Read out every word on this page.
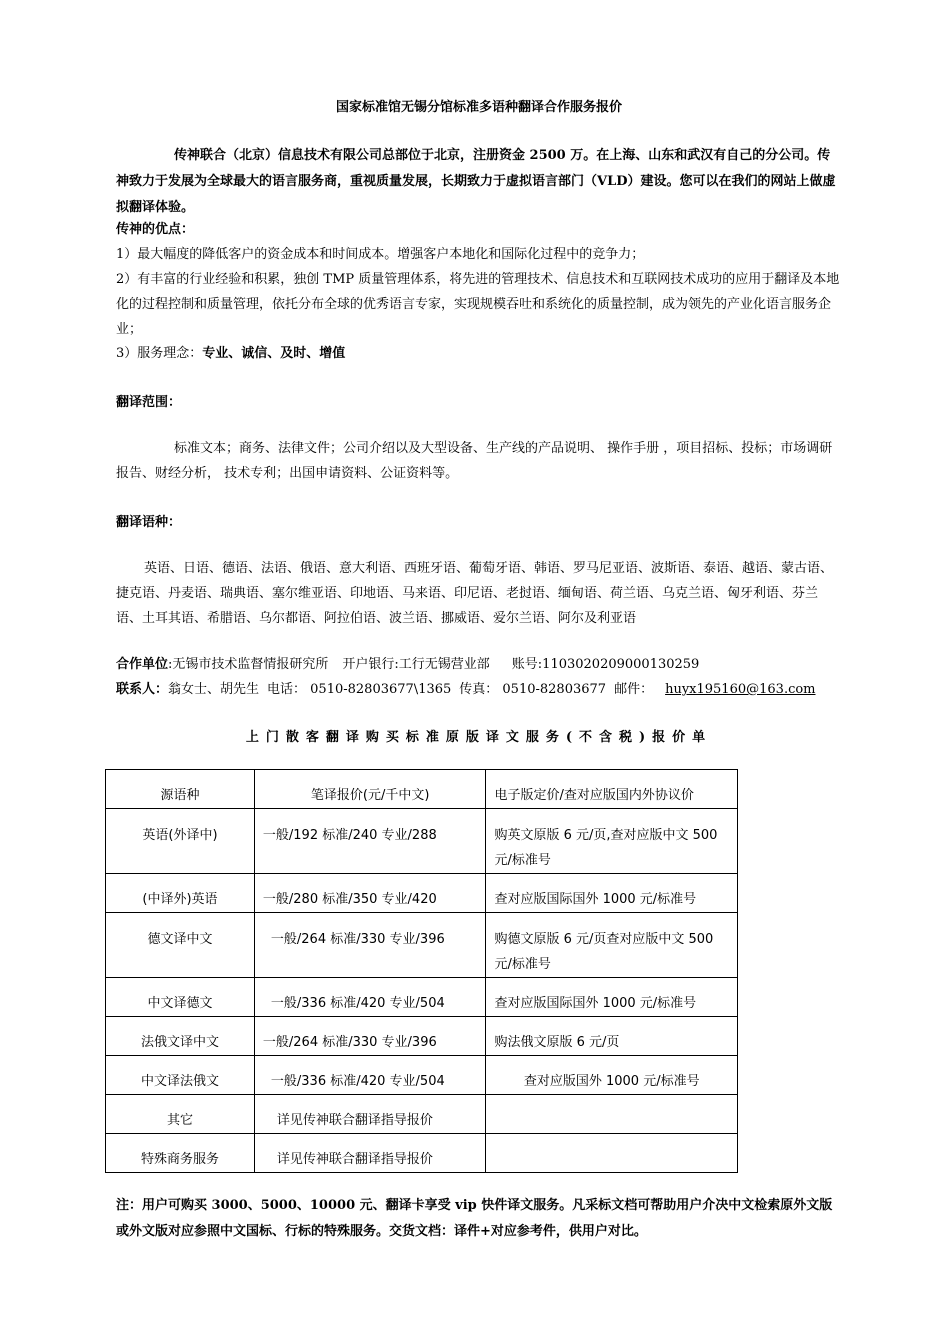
国家标准馆无锡分馆标准多语种翻译合作服务报价
传神联合（北京）信息技术有限公司总部位于北京，注册资金 2500 万。在上海、山东和武汉有自己的分公司。传神致力于发展为全球最大的语言服务商，重视质量发展，长期致力于虚拟语言部门（VLD）建设。您可以在我们的网站上做虚拟翻译体验。
传神的优点：
1）最大幅度的降低客户的资金成本和时间成本。增强客户本地化和国际化过程中的竞争力；
2）有丰富的行业经验和积累，独创 TMP 质量管理体系，将先进的管理技术、信息技术和互联网技术成功的应用于翻译及本地化的过程控制和质量管理，依托分布全球的优秀语言专家，实现规模吞吐和系统化的质量控制，成为领先的产业化语言服务企业；
3）服务理念：专业、诚信、及时、增值
翻译范围：
标准文本；商务、法律文件；公司介绍以及大型设备、生产线的产品说明、 操作手册 ，项目招标、投标；市场调研报告、财经分析， 技术专利；出国申请资料、公证资料等。
翻译语种：
英语、日语、德语、法语、俄语、意大利语、西班牙语、葡萄牙语、韩语、罗马尼亚语、波斯语、泰语、越语、蒙古语、捷克语、丹麦语、瑞典语、塞尔维亚语、印地语、马来语、印尼语、老挝语、缅甸语、荷兰语、乌克兰语、匈牙利语、芬兰语、土耳其语、希腊语、乌尔都语、阿拉伯语、波兰语、挪威语、爱尔兰语、阿尔及利亚语
合作单位:无锡市技术监督情报研究所 开户银行:工行无锡营业部 账号:1103020209000130259
联系人：翁女士、胡先生 电话： 0510-82803677\1365 传真： 0510-82803677 邮件： huyx195160@163.com
上门散客翻译购买标准原版译文服务(不含税)报价单
注：用户可购买 3000、5000、10000 元、翻译卡享受 vip 快件译文服务。凡采标文档可帮助用户介决中文检索原外文版或外文版对应参照中文国标、行标的特殊服务。交货文档：译件+对应参考件，供用户对比。
源语种	笔译报价(元/千中文)	电子版定价/查对应版国内外协议价
英语(外译中)	一般/192 标准/240 专业/288	购英文原版 6 元/页,查对应版中文 500 元/标准号
(中译外)英语	一般/280 标准/350 专业/420	查对应版国际国外 1000 元/标准号
德文译中文	一般/264 标准/330 专业/396	购德文原版 6 元/页查对应版中文 500 元/标准号
中文译德文	一般/336 标准/420 专业/504	查对应版国际国外 1000 元/标准号
法俄文译中文	一般/264 标准/330 专业/396	购法俄文原版 6 元/页
中文译法俄文	一般/336 标准/420 专业/504	查对应版国外 1000 元/标准号
其它	详见传神联合翻译指导报价	
特殊商务服务	详见传神联合翻译指导报价	
